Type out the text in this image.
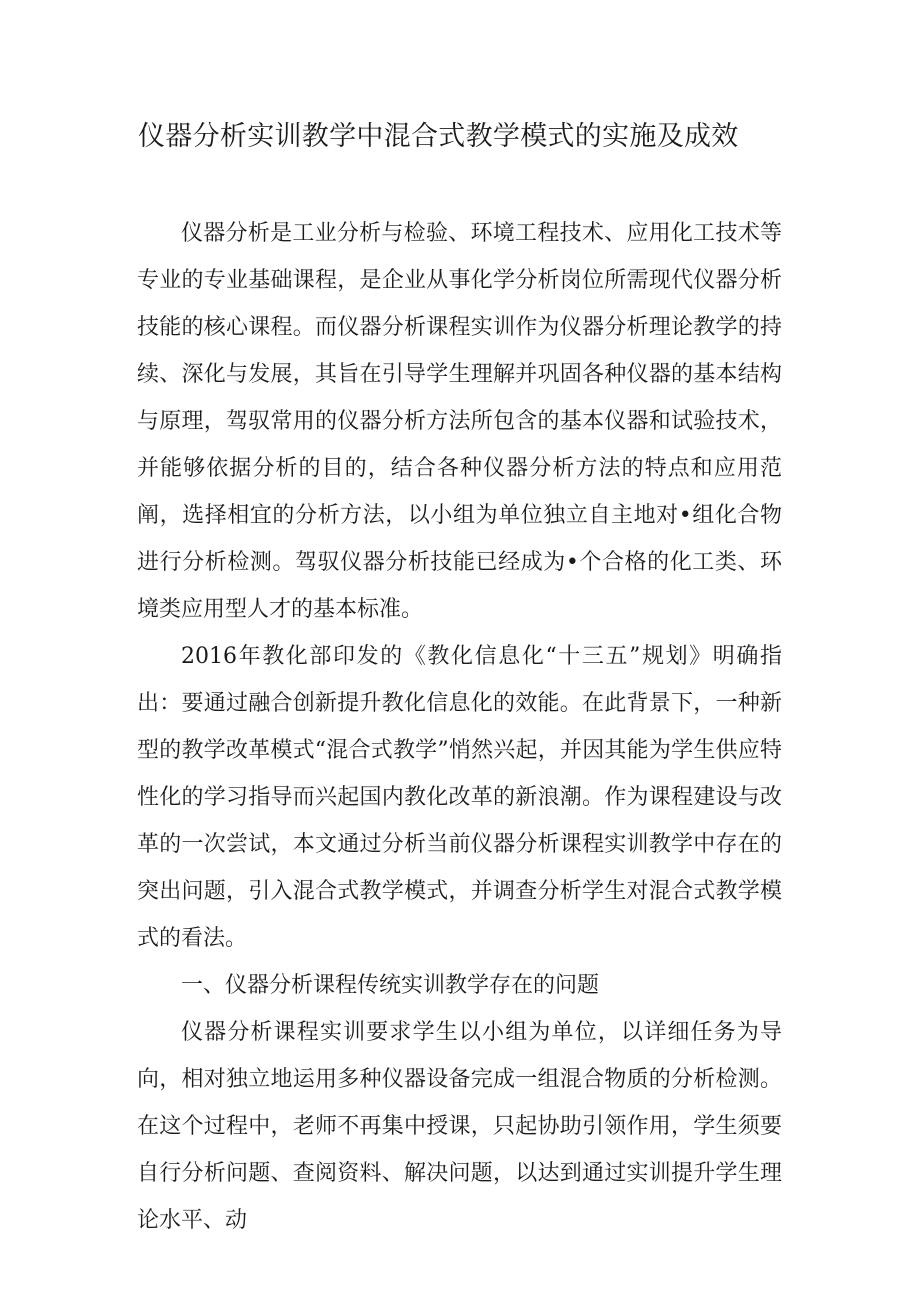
仪器分析实训教学中混合式教学模式的实施及成效

仪器分析是工业分析与检验、环境工程技术、应用化工技术等专业的专业基础课程，是企业从事化学分析岗位所需现代仪器分析技能的核心课程。而仪器分析课程实训作为仪器分析理论教学的持续、深化与发展，其旨在引导学生理解并巩固各种仪器的基本结构与原理，驾驭常用的仪器分析方法所包含的基本仪器和试验技术，并能够依据分析的目的，结合各种仪器分析方法的特点和应用范阐，选择相宜的分析方法，以小组为单位独立自主地对•组化合物进行分析检测。驾驭仪器分析技能已经成为•个合格的化工类、环境类应用型人才的基本标准。

2016年教化部印发的《教化信息化“十三五”规划》明确指出：要通过融合创新提升教化信息化的效能。在此背景下，一种新型的教学改革模式“混合式教学”悄然兴起，并因其能为学生供应特性化的学习指导而兴起国内教化改革的新浪潮。作为课程建设与改革的一次尝试，本文通过分析当前仪器分析课程实训教学中存在的突出问题，引入混合式教学模式，并调查分析学生对混合式教学模式的看法。

一、仪器分析课程传统实训教学存在的问题

仪器分析课程实训要求学生以小组为单位，以详细任务为导向，相对独立地运用多种仪器设备完成一组混合物质的分析检测。在这个过程中，老师不再集中授课，只起协助引领作用，学生须要自行分析问题、查阅资料、解决问题，以达到通过实训提升学生理论水平、动
